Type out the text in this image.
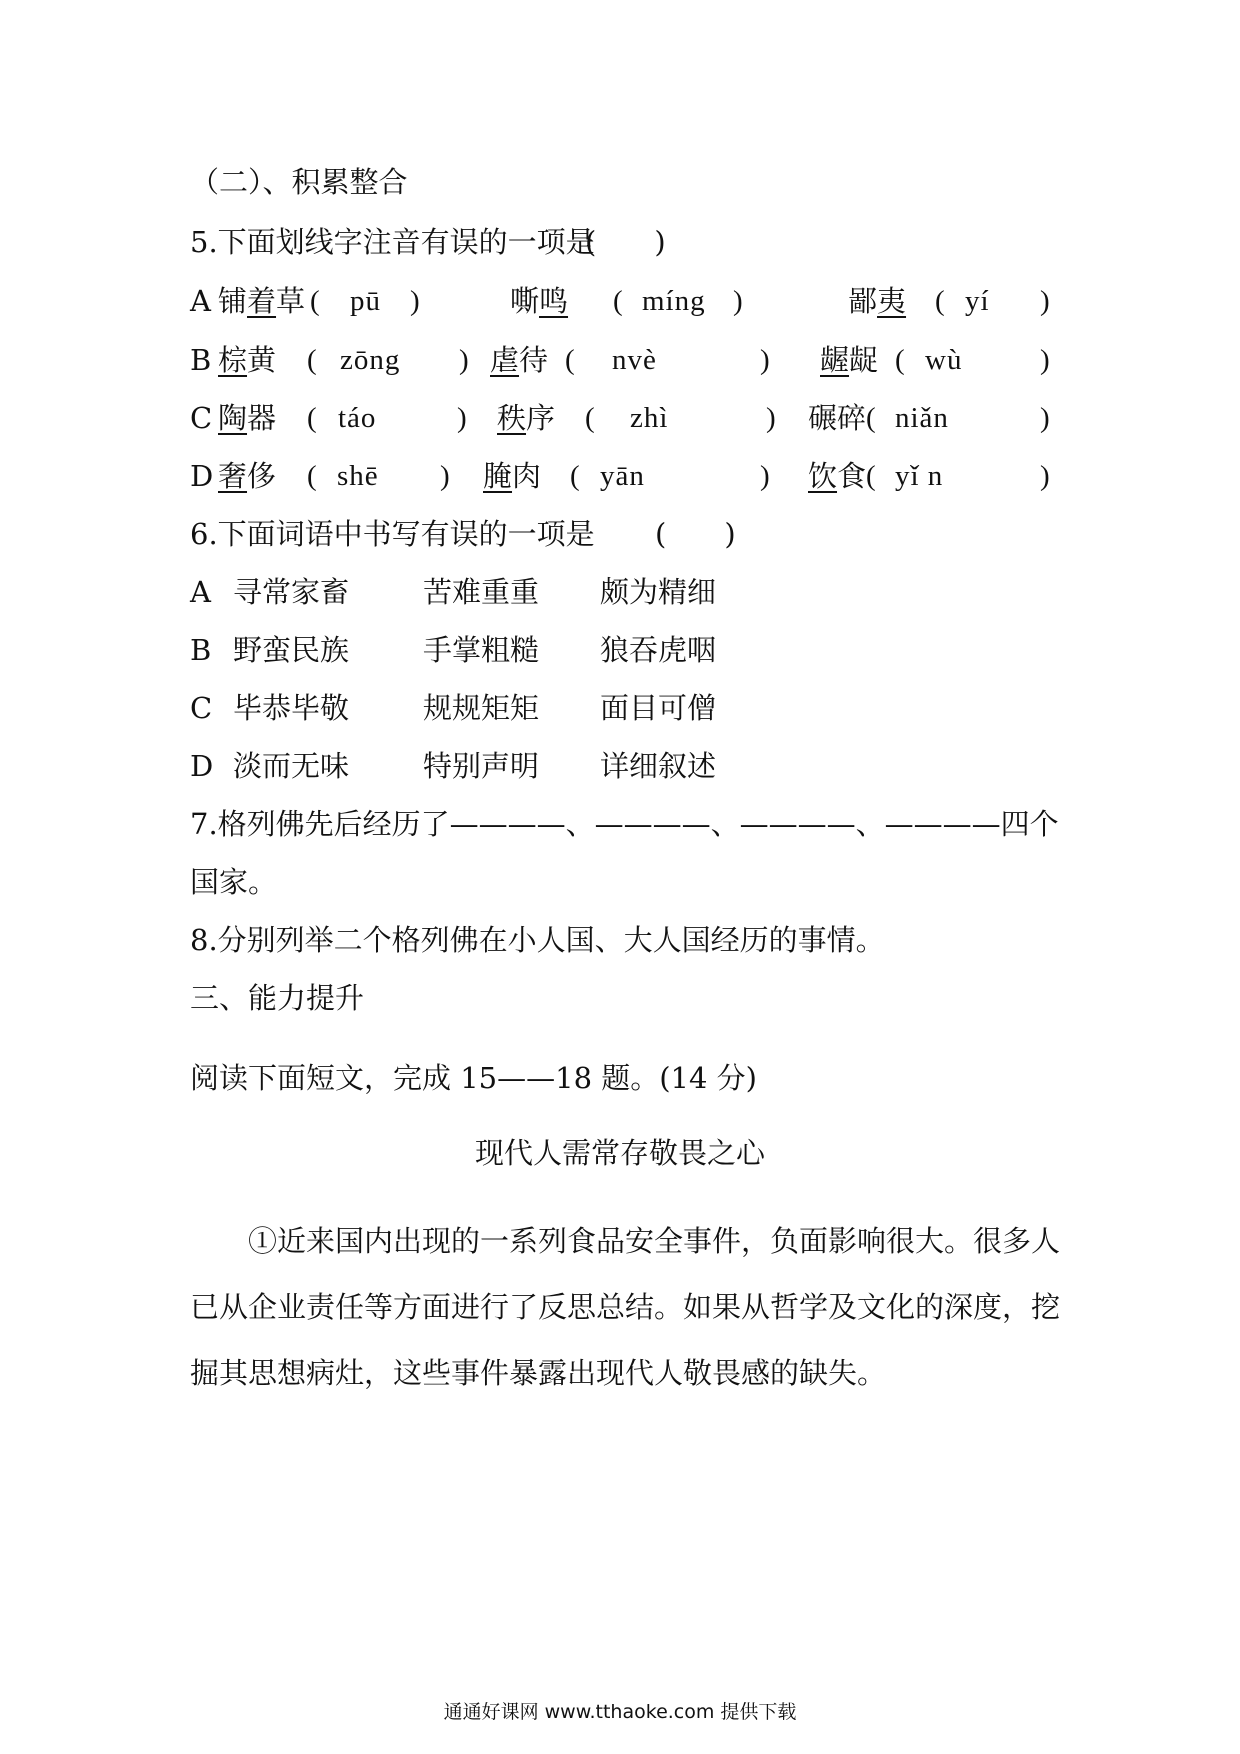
（二）、积累整合
5.下面划线字注音有误的一项是
(　　)
A 铺着草 ( pū )	嘶鸣 ( míng )	鄙夷 ( yí )
B 棕黄 ( zōng ) 虐待 ( nvè	) 龌龊 ( wù	)
C 陶器 ( táo	) 秩序 ( zhì	) 碾碎 ( niǎn	)
D 奢侈 ( shē ) 腌肉 ( yān	) 饮食 ( yǐ n	)
6.下面词语中书写有误的一项是 (　　)
A 寻常家畜	苦难重重 颇为精细
B 野蛮民族	手掌粗糙 狼吞虎咽
C 毕恭毕敬	规规矩矩 面目可僧
D 淡而无味	特别声明 详细叙述
7.格列佛先后经历了————、————、————、————四个
国家。
8.分别列举二个格列佛在小人国、大人国经历的事情。
三、能力提升
阅读下面短文，完成 15——18 题。(14 分)
现代人需常存敬畏之心
①近来国内出现的一系列食品安全事件，负面影响很大。很多人已从企业责任等方面进行了反思总结。如果从哲学及文化的深度，挖掘其思想病灶，这些事件暴露出现代人敬畏感的缺失。
通通好课网 www.tthaoke.com 提供下载
